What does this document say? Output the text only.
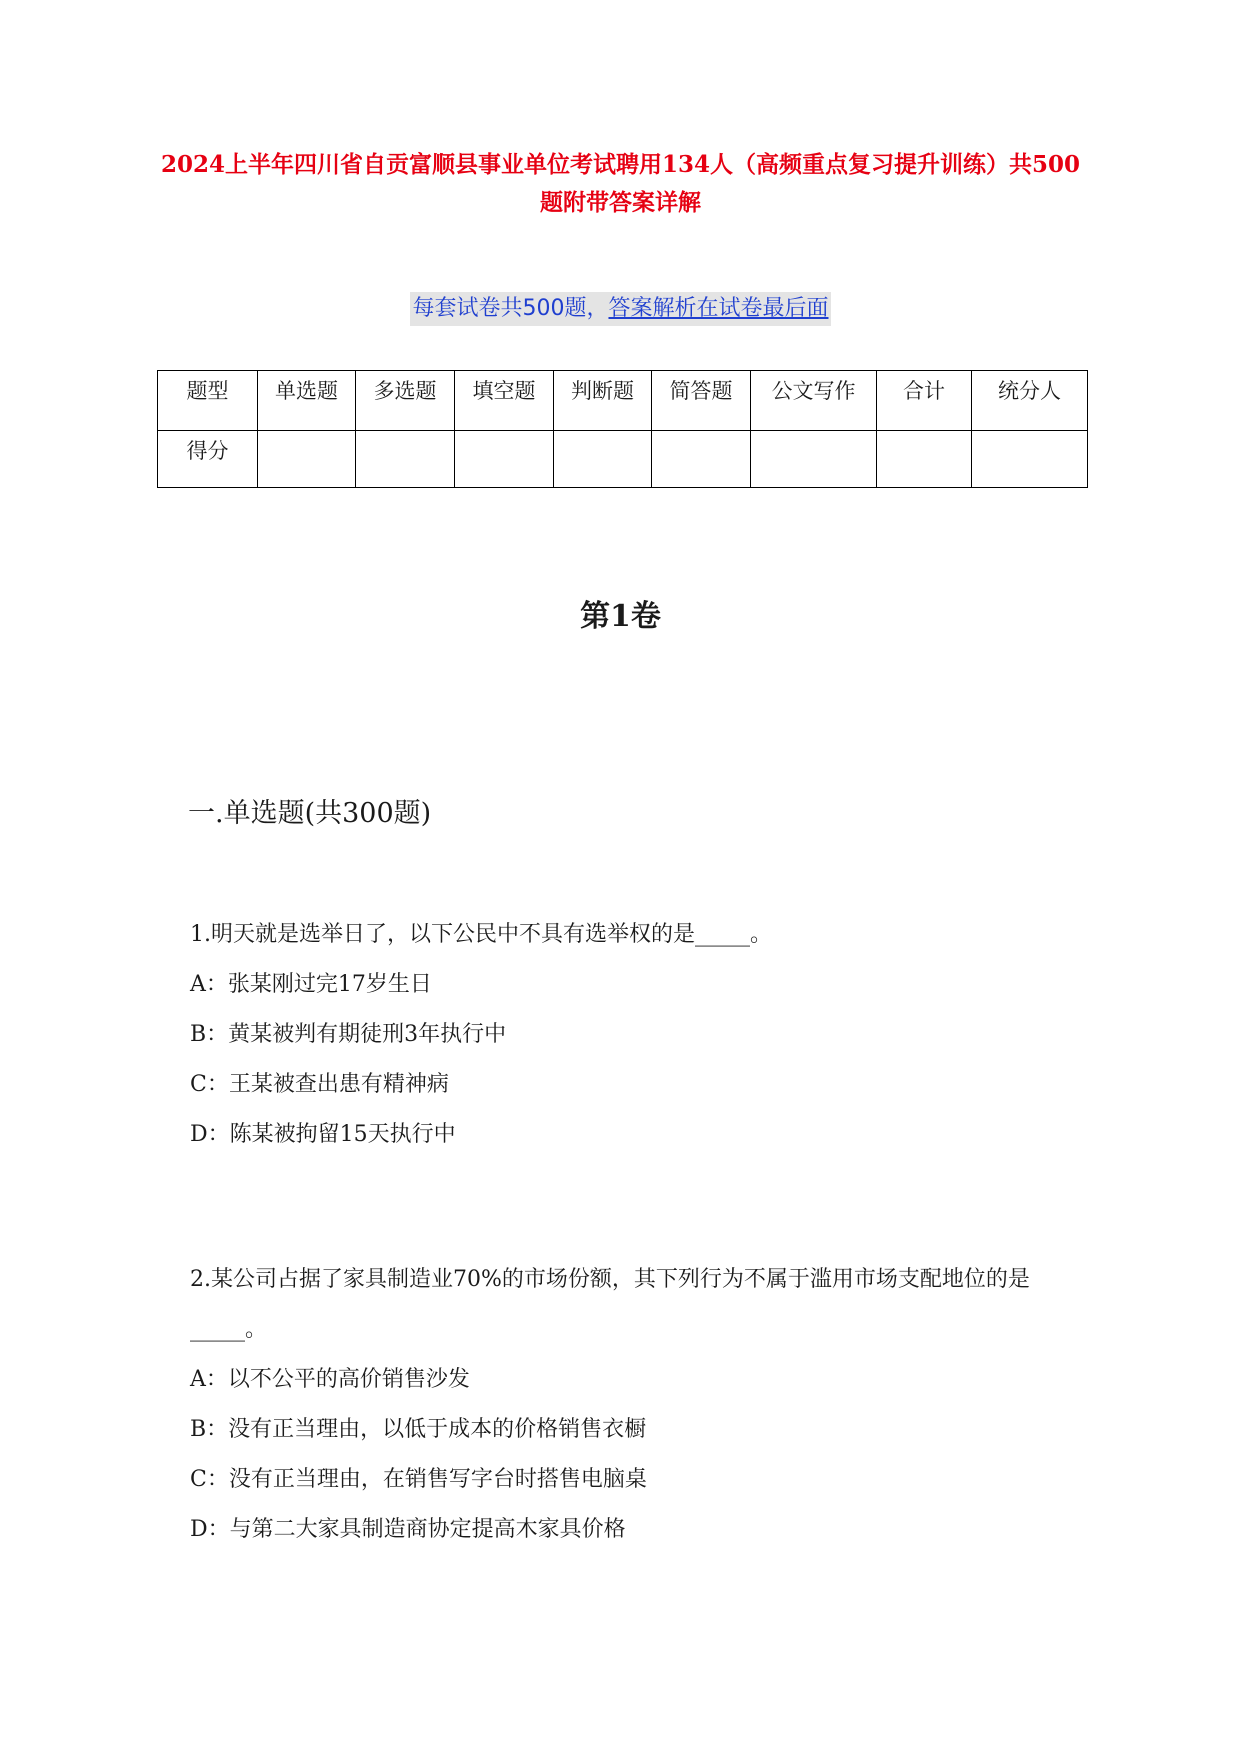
2024上半年四川省自贡富顺县事业单位考试聘用134人（高频重点复习提升训练）共500题附带答案详解
每套试卷共500题，答案解析在试卷最后面
题型	单选题	多选题	填空题	判断题	简答题	公文写作	合计	统分人
得分								
第1卷
一.单选题(共300题)
1.明天就是选举日了，以下公民中不具有选举权的是_____。
A：张某刚过完17岁生日
B：黄某被判有期徒刑3年执行中
C：王某被查出患有精神病
D：陈某被拘留15天执行中
2.某公司占据了家具制造业70%的市场份额，其下列行为不属于滥用市场支配地位的是_____。
A：以不公平的高价销售沙发
B：没有正当理由，以低于成本的价格销售衣橱
C：没有正当理由，在销售写字台时搭售电脑桌
D：与第二大家具制造商协定提高木家具价格
